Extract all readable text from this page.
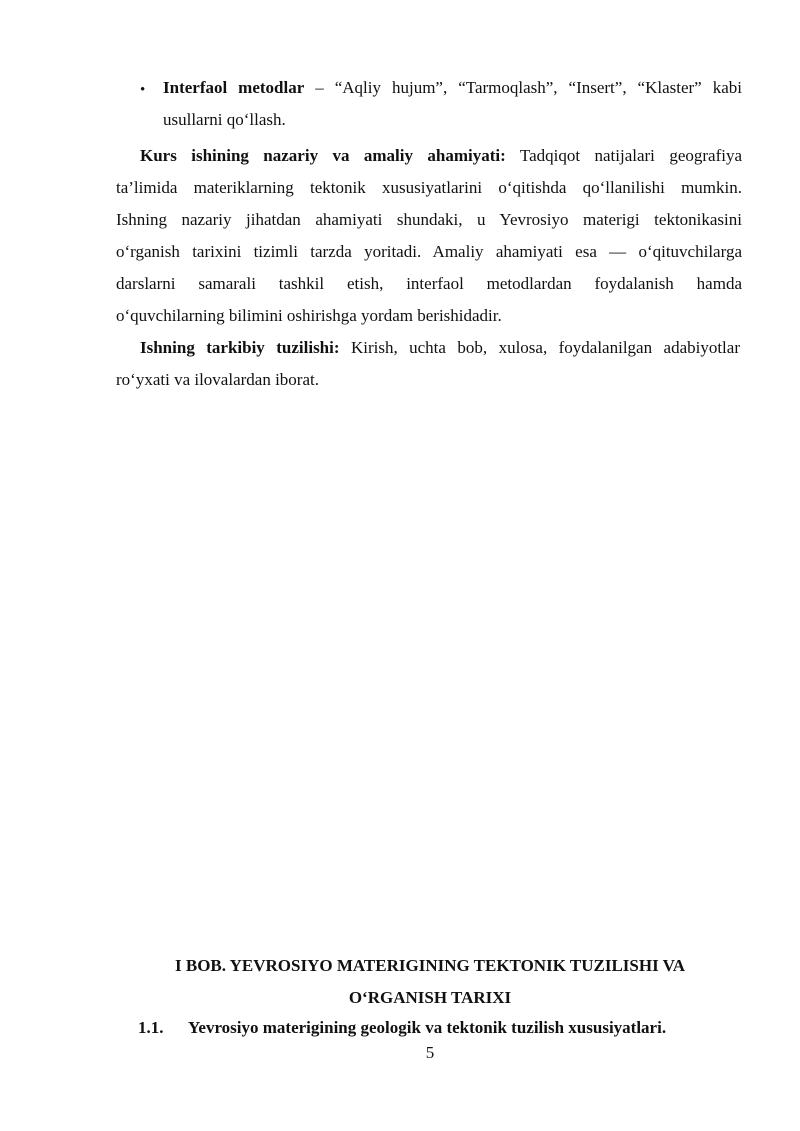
• Interfaol metodlar – “Aqliy hujum”, “Tarmoqlash”, “Insert”, “Klaster” kabi
usullarni qo‘llash.
Kurs ishining nazariy va amaliy ahamiyati: Tadqiqot natijalari geografiya
ta’limida materiklarning tektonik xususiyatlarini o‘qitishda qo‘llanilishi mumkin.
Ishning nazariy jihatdan ahamiyati shundaki, u Yevrosiyo materigi tektonikasini
o‘rganish tarixini tizimli tarzda yoritadi. Amaliy ahamiyati esa — o‘qituvchilarga
darslarni samarali tashkil etish, interfaol metodlardan foydalanish hamda
o‘quvchilarning bilimini oshirishga yordam berishidadir.
Ishning tarkibiy tuzilishi: Kirish, uchta bob, xulosa, foydalanilgan adabiyotlar
ro‘yxati va ilovalardan iborat.
I BOB. YEVROSIYO MATERIGINING TEKTONIK TUZILISHI VA
O‘RGANISH TARIXI
1.1. Yevrosiyo materigining geologik va tektonik tuzilish xususiyatlari.
5
